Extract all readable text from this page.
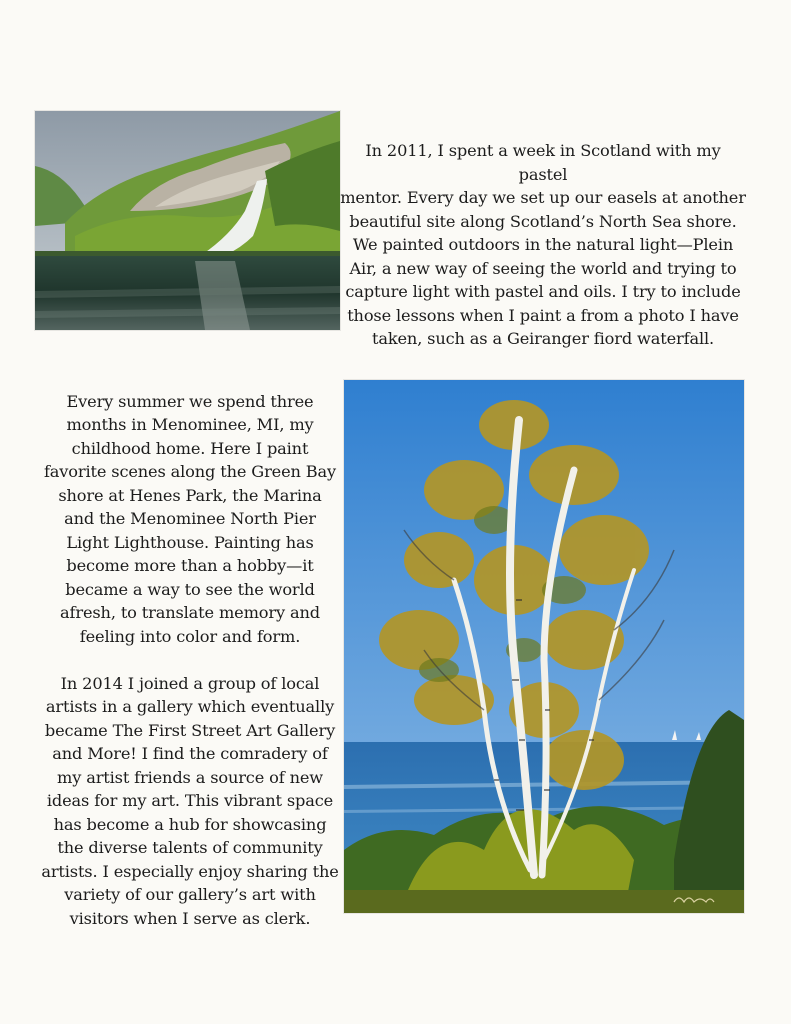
In 2011, I spent a week in Scotland with my pastel
mentor. Every day we set up our easels at another
beautiful site along Scotland’s North Sea shore.
We painted outdoors in the natural light—Plein
Air, a new way of seeing the world and trying to
capture light with pastel and oils. I try to include
those lessons when I paint a from a photo I have
taken, such as a Geiranger fiord waterfall.

Every summer we spend three
months in Menominee, MI, my
childhood home. Here I paint
favorite scenes along the Green Bay
shore at Henes Park, the Marina
and the Menominee North Pier
Light Lighthouse. Painting has
become more than a hobby—it
became a way to see the world
afresh, to translate memory and
feeling into color and form.

In 2014 I joined a group of local
artists in a gallery which eventually
became The First Street Art Gallery
and More! I find the comradery of
my artist friends a source of new
ideas for my art. This vibrant space
has become a hub for showcasing
the diverse talents of community
artists. I especially enjoy sharing the
variety of our gallery’s art with
visitors when I serve as clerk.
